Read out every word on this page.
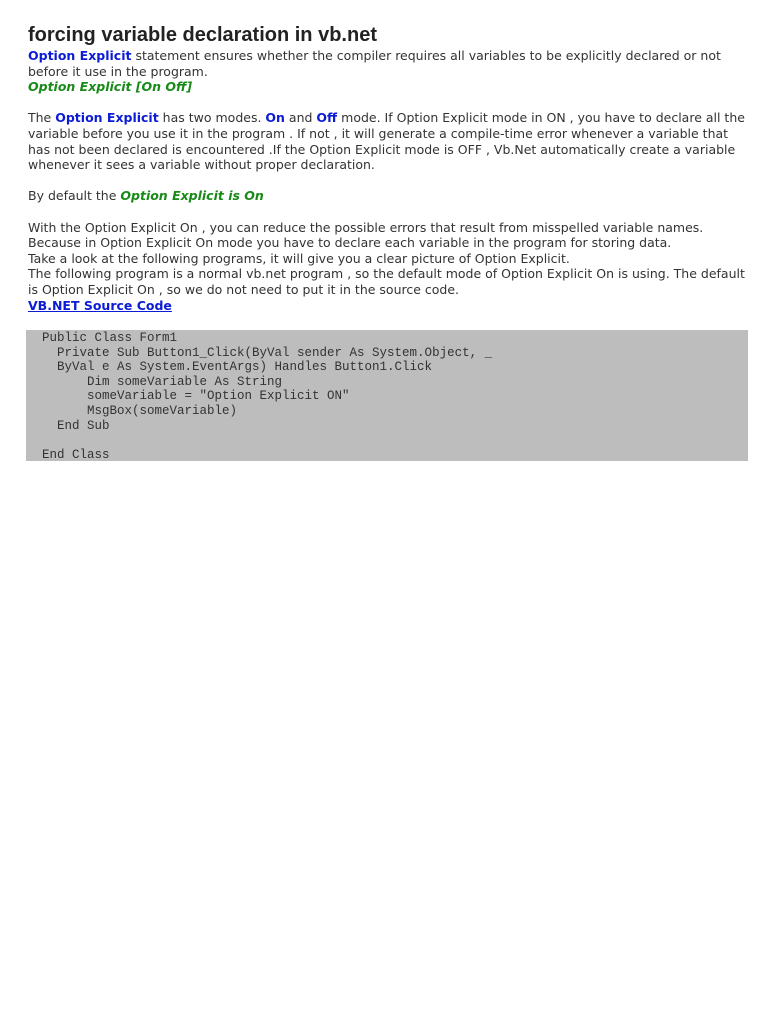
forcing variable declaration in vb.net

Option Explicit statement ensures whether the compiler requires all variables to be explicitly declared or not before it use in the program.

Option Explicit [On Off]

The Option Explicit has two modes. On and Off mode. If Option Explicit mode in ON , you have to declare all the variable before you use it in the program . If not , it will generate a compile-time error whenever a variable that has not been declared is encountered .If the Option Explicit mode is OFF , Vb.Net automatically create a variable whenever it sees a variable without proper declaration.

By default the Option Explicit is On

With the Option Explicit On , you can reduce the possible errors that result from misspelled variable names.

Because in Option Explicit On mode you have to declare each variable in the program for storing data.

Take a look at the following programs, it will give you a clear picture of Option Explicit.

The following program is a normal vb.net program , so the default mode of Option Explicit On is using. The default is Option Explicit On , so we do not need to put it in the source code.

VB.NET Source Code

Public Class Form1
Private Sub Button1_Click(ByVal sender As System.Object, _
ByVal e As System.EventArgs) Handles Button1.Click
Dim someVariable As String
someVariable = "Option Explicit ON"
MsgBox(someVariable)
End Sub
End Class
